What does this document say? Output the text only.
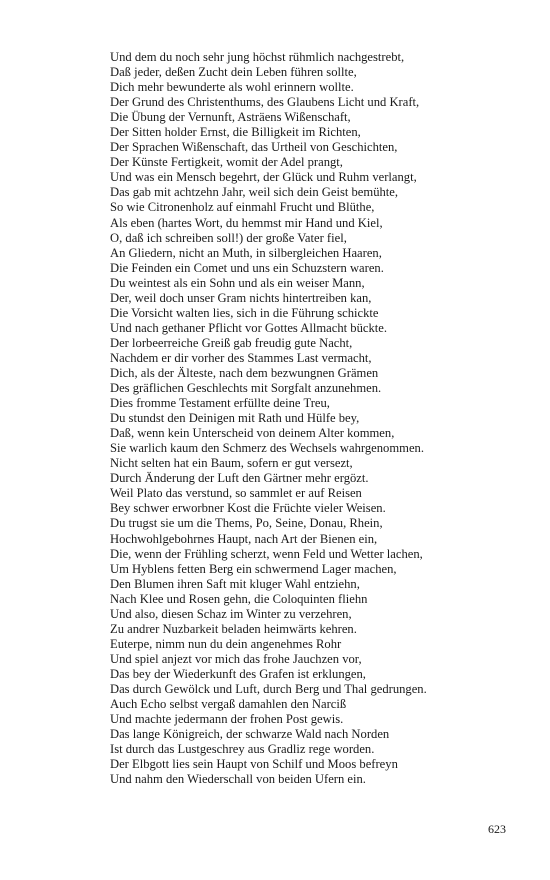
Und dem du noch sehr jung höchst rühmlich nachgestrebt,
Daß jeder, deßen Zucht dein Leben führen sollte,
Dich mehr bewunderte als wohl erinnern wollte.
Der Grund des Christenthums, des Glaubens Licht und Kraft,
Die Übung der Vernunft, Asträens Wißenschaft,
Der Sitten holder Ernst, die Billigkeit im Richten,
Der Sprachen Wißenschaft, das Urtheil von Geschichten,
Der Künste Fertigkeit, womit der Adel prangt,
Und was ein Mensch begehrt, der Glück und Ruhm verlangt,
Das gab mit achtzehn Jahr, weil sich dein Geist bemühte,
So wie Citronenholz auf einmahl Frucht und Blüthe,
Als eben (hartes Wort, du hemmst mir Hand und Kiel,
O, daß ich schreiben soll!) der große Vater fiel,
An Gliedern, nicht an Muth, in silbergleichen Haaren,
Die Feinden ein Comet und uns ein Schuzstern waren.
Du weintest als ein Sohn und als ein weiser Mann,
Der, weil doch unser Gram nichts hintertreiben kan,
Die Vorsicht walten lies, sich in die Führung schickte
Und nach gethaner Pflicht vor Gottes Allmacht bückte.
Der lorbeerreiche Greiß gab freudig gute Nacht,
Nachdem er dir vorher des Stammes Last vermacht,
Dich, als der Älteste, nach dem bezwungnen Grämen
Des gräflichen Geschlechts mit Sorgfalt anzunehmen.
Dies fromme Testament erfüllte deine Treu,
Du stundst den Deinigen mit Rath und Hülfe bey,
Daß, wenn kein Unterscheid von deinem Alter kommen,
Sie warlich kaum den Schmerz des Wechsels wahrgenommen.
Nicht selten hat ein Baum, sofern er gut versezt,
Durch Änderung der Luft den Gärtner mehr ergözt.
Weil Plato das verstund, so sammlet er auf Reisen
Bey schwer erworbner Kost die Früchte vieler Weisen.
Du trugst sie um die Thems, Po, Seine, Donau, Rhein,
Hochwohlgebohrnes Haupt, nach Art der Bienen ein,
Die, wenn der Frühling scherzt, wenn Feld und Wetter lachen,
Um Hyblens fetten Berg ein schwermend Lager machen,
Den Blumen ihren Saft mit kluger Wahl entziehn,
Nach Klee und Rosen gehn, die Coloquinten fliehn
Und also, diesen Schaz im Winter zu verzehren,
Zu andrer Nuzbarkeit beladen heimwärts kehren.
Euterpe, nimm nun du dein angenehmes Rohr
Und spiel anjezt vor mich das frohe Jauchzen vor,
Das bey der Wiederkunft des Grafen ist erklungen,
Das durch Gewölck und Luft, durch Berg und Thal gedrungen.
Auch Echo selbst vergaß damahlen den Narciß
Und machte jedermann der frohen Post gewis.
Das lange Königreich, der schwarze Wald nach Norden
Ist durch das Lustgeschrey aus Gradliz rege worden.
Der Elbgott lies sein Haupt von Schilf und Moos befreyn
Und nahm den Wiederschall von beiden Ufern ein.
623
